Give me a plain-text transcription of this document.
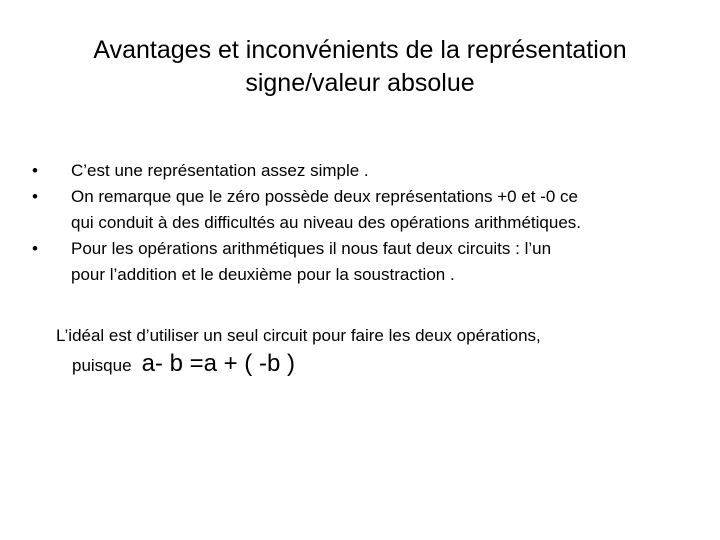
Avantages et inconvénients de la représentation
signe/valeur absolue
• C’est une représentation assez simple .
• On remarque que le zéro possède deux représentations +0 et -0 ce
qui conduit à des difficultés au niveau des opérations arithmétiques.
• Pour les opérations arithmétiques il nous faut deux circuits : l’un
pour l’addition et le deuxième pour la soustraction .
L’idéal est d’utiliser un seul circuit pour faire les deux opérations,
puisque a- b =a + ( -b )
